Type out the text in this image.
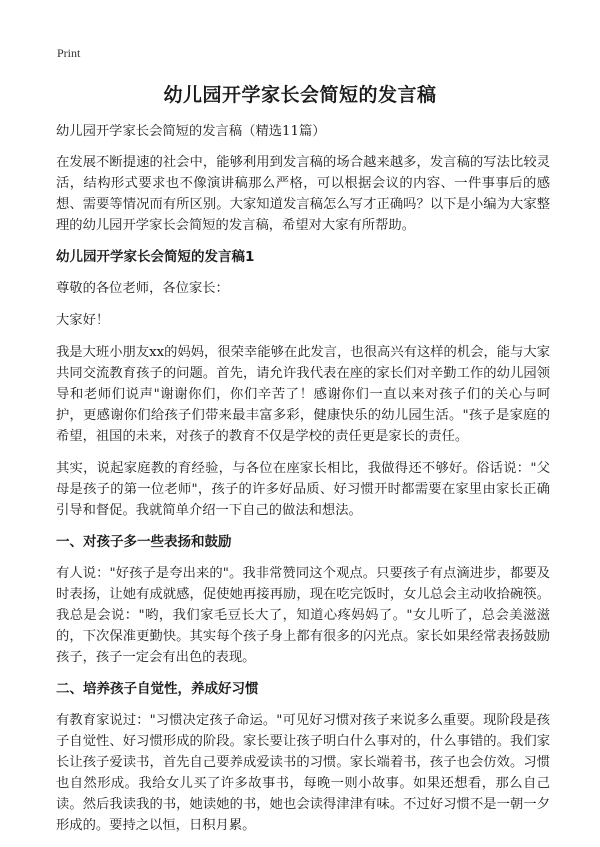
Print
幼儿园开学家长会简短的发言稿

幼儿园开学家长会简短的发言稿（精选11篇）

在发展不断提速的社会中，能够利用到发言稿的场合越来越多，发言稿的写法比较灵活，结构形式要求也不像演讲稿那么严格，可以根据会议的内容、一件事事后的感想、需要等情况而有所区别。大家知道发言稿怎么写才正确吗？以下是小编为大家整理的幼儿园开学家长会简短的发言稿，希望对大家有所帮助。

幼儿园开学家长会简短的发言稿1

尊敬的各位老师，各位家长：

大家好！

我是大班小朋友xx的妈妈，很荣幸能够在此发言，也很高兴有这样的机会，能与大家共同交流教育孩子的问题。首先，请允许我代表在座的家长们对辛勤工作的幼儿园领导和老师们说声"谢谢你们，你们辛苦了！感谢你们一直以来对孩子们的关心与呵护，更感谢你们给孩子们带来最丰富多彩，健康快乐的幼儿园生活。"孩子是家庭的希望，祖国的未来，对孩子的教育不仅是学校的责任更是家长的责任。

其实，说起家庭教的育经验，与各位在座家长相比，我做得还不够好。俗话说："父母是孩子的第一位老师"，孩子的许多好品质、好习惯开时都需要在家里由家长正确引导和督促。我就简单介绍一下自己的做法和想法。

一、对孩子多一些表扬和鼓励

有人说："好孩子是夸出来的"。我非常赞同这个观点。只要孩子有点滴进步，都要及时表扬，让她有成就感，促使她再接再励，现在吃完饭时，女儿总会主动收拾碗筷。我总是会说："哟，我们家毛豆长大了，知道心疼妈妈了。"女儿听了，总会美滋滋的，下次保准更勤快。其实每个孩子身上都有很多的闪光点。家长如果经常表扬鼓励孩子，孩子一定会有出色的表现。

二、培养孩子自觉性，养成好习惯

有教育家说过："习惯决定孩子命运。"可见好习惯对孩子来说多么重要。现阶段是孩子自觉性、好习惯形成的阶段。家长要让孩子明白什么事对的，什么事错的。我们家长让孩子爱读书，首先自己要养成爱读书的习惯。家长端着书，孩子也会仿效。习惯也自然形成。我给女儿买了许多故事书，每晚一则小故事。如果还想看，那么自己读。然后我读我的书，她读她的书，她也会读得津津有味。不过好习惯不是一朝一夕形成的。要持之以恒，日积月累。
